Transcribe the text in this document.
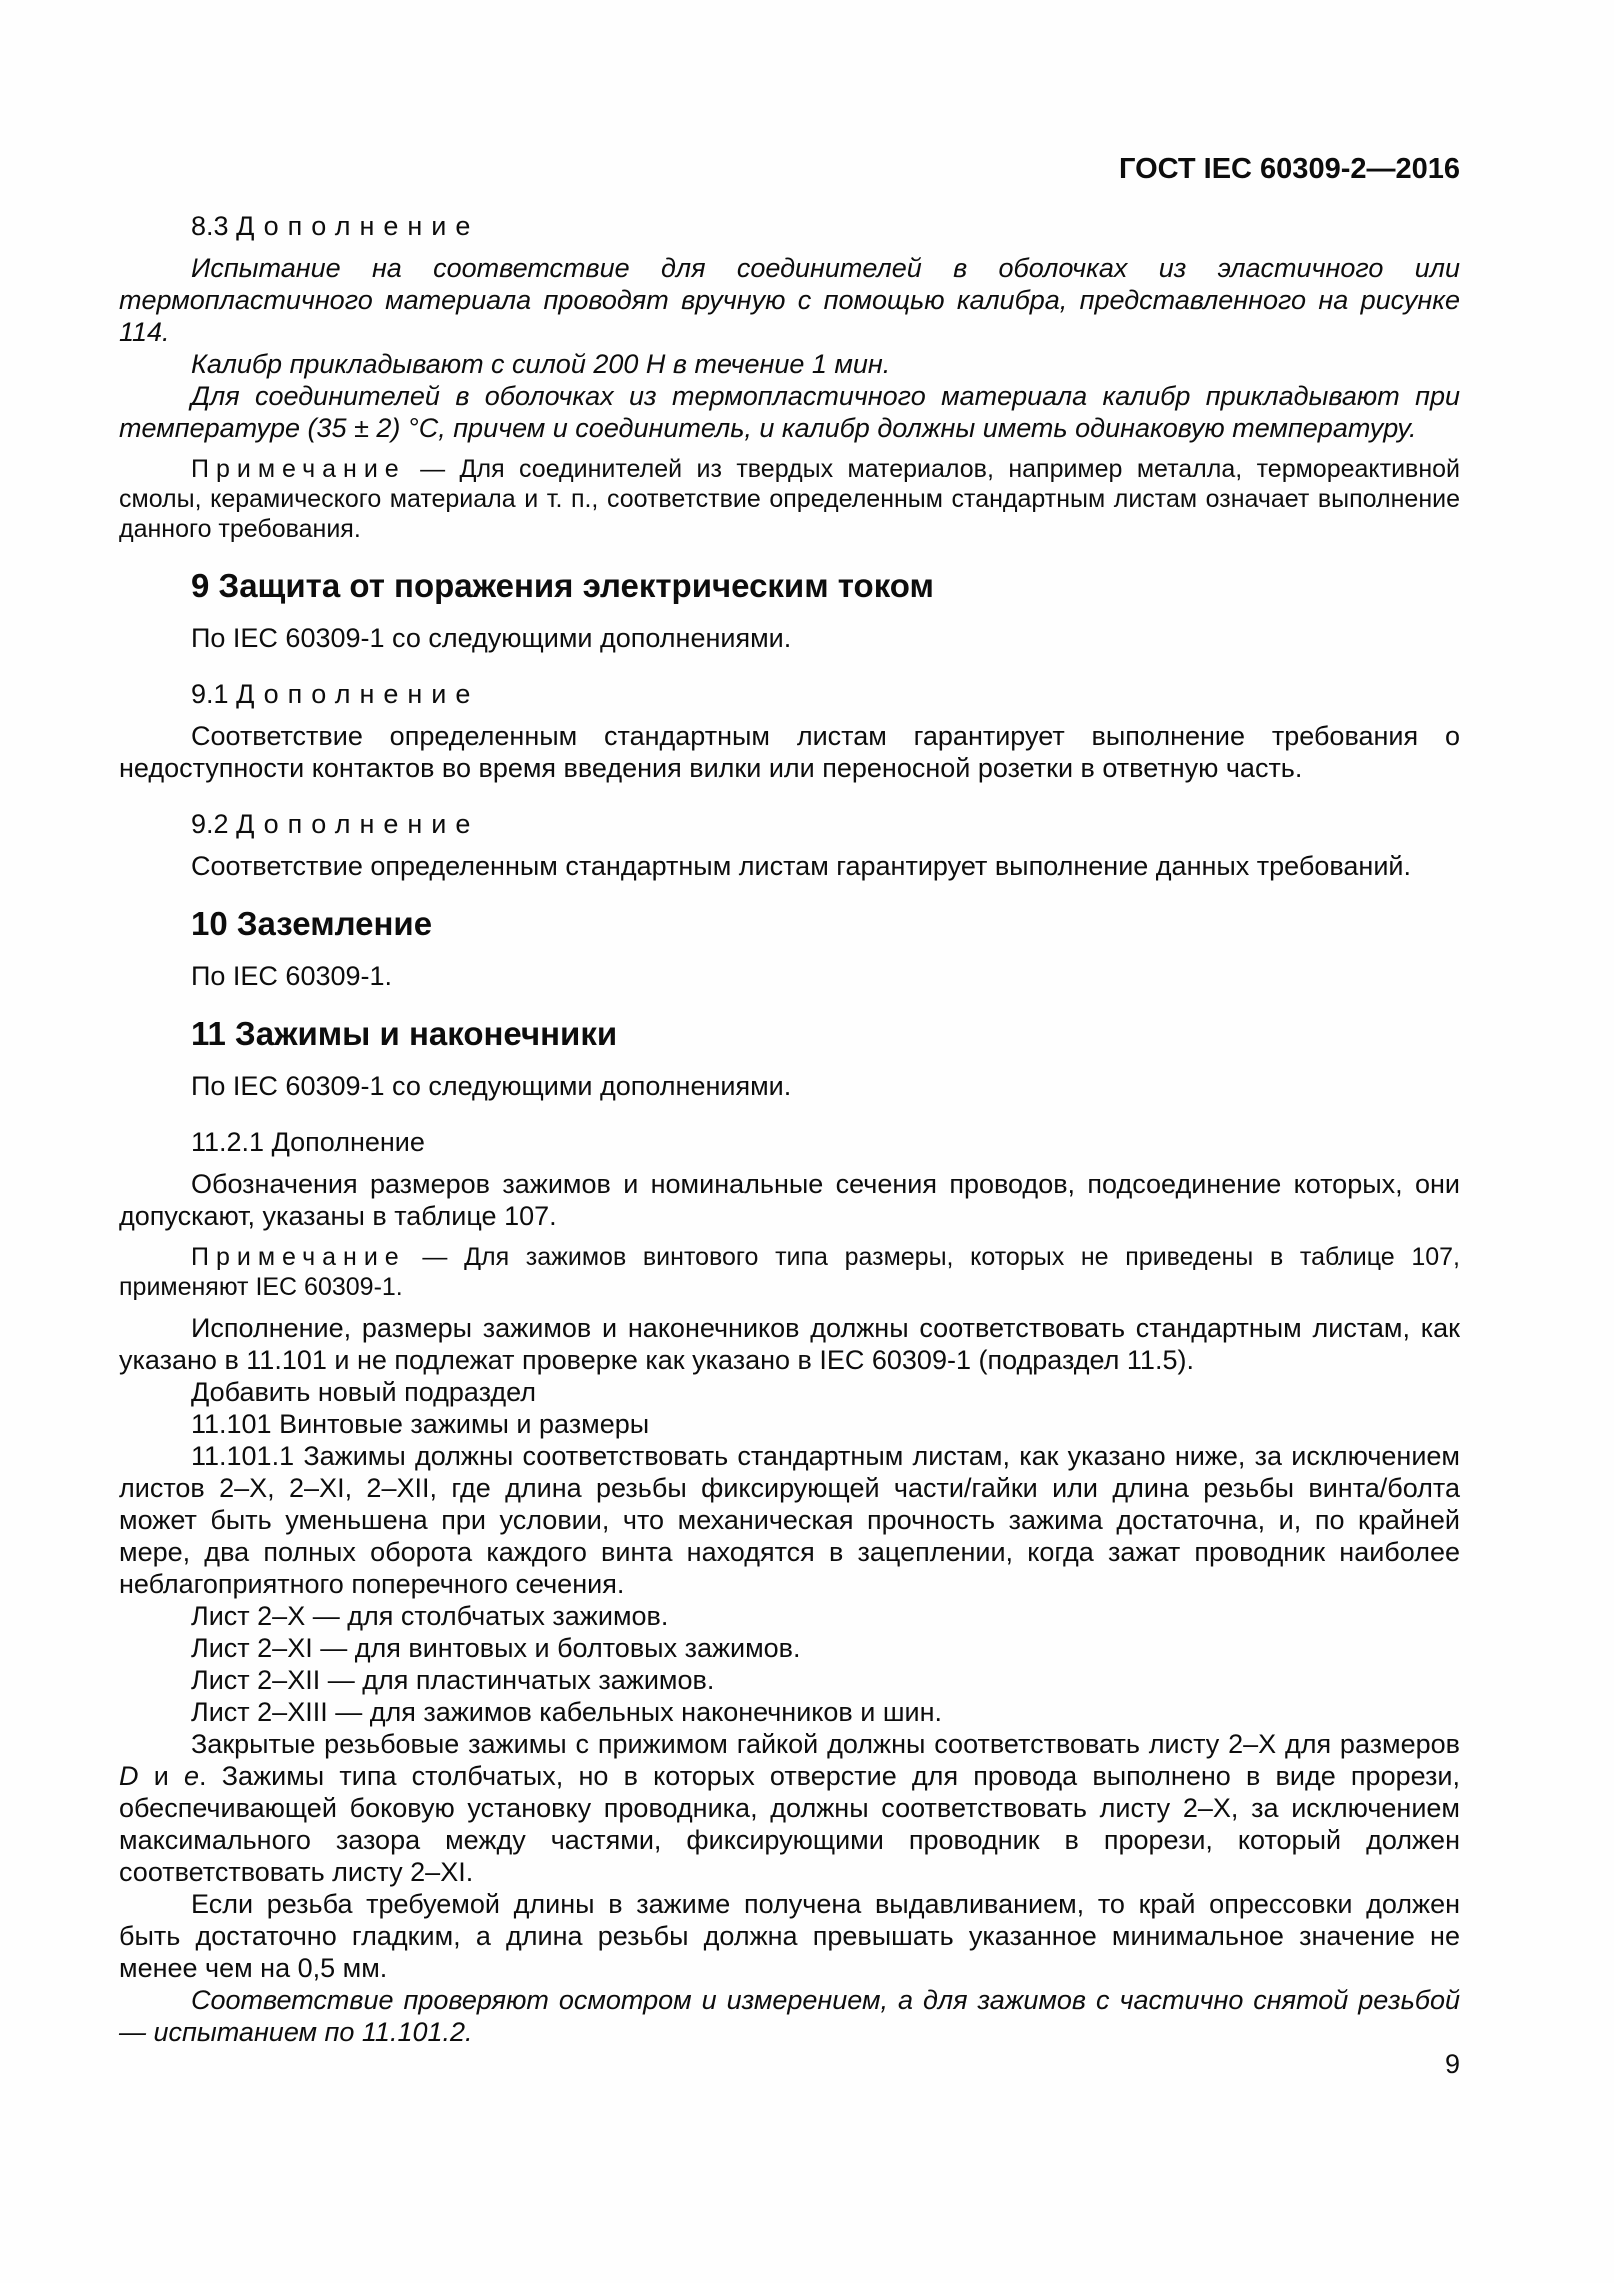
ГОСТ IEC 60309-2—2016

8.3 Дополнение

Испытание на соответствие для соединителей в оболочках из эластичного или термопластичного материала проводят вручную с помощью калибра, представленного на рисунке 114.

Калибр прикладывают с силой 200 Н в течение 1 мин.

Для соединителей в оболочках из термопластичного материала калибр прикладывают при температуре (35 ± 2) °C, причем и соединитель, и калибр должны иметь одинаковую температуру.

Примечание — Для соединителей из твердых материалов, например металла, термореактивной смолы, керамического материала и т. п., соответствие определенным стандартным листам означает выполнение данного требования.

9 Защита от поражения электрическим током

По IEC 60309-1 со следующими дополнениями.

9.1 Дополнение

Соответствие определенным стандартным листам гарантирует выполнение требования о недоступности контактов во время введения вилки или переносной розетки в ответную часть.

9.2 Дополнение

Соответствие определенным стандартным листам гарантирует выполнение данных требований.

10 Заземление

По IEC 60309-1.

11 Зажимы и наконечники

По IEC 60309-1 со следующими дополнениями.

11.2.1 Дополнение

Обозначения размеров зажимов и номинальные сечения проводов, подсоединение которых, они допускают, указаны в таблице 107.

Примечание — Для зажимов винтового типа размеры, которых не приведены в таблице 107, применяют IEC 60309-1.

Исполнение, размеры зажимов и наконечников должны соответствовать стандартным листам, как указано в 11.101 и не подлежат проверке как указано в IEC 60309-1 (подраздел 11.5).

Добавить новый подраздел

11.101 Винтовые зажимы и размеры

11.101.1 Зажимы должны соответствовать стандартным листам, как указано ниже, за исключением листов 2–X, 2–XI, 2–XII, где длина резьбы фиксирующей части/гайки или длина резьбы винта/болта может быть уменьшена при условии, что механическая прочность зажима достаточна, и, по крайней мере, два полных оборота каждого винта находятся в зацеплении, когда зажат проводник наиболее неблагоприятного поперечного сечения.

Лист 2–X — для столбчатых зажимов.

Лист 2–XI — для винтовых и болтовых зажимов.

Лист 2–XII — для пластинчатых зажимов.

Лист 2–XIII — для зажимов кабельных наконечников и шин.

Закрытые резьбовые зажимы с прижимом гайкой должны соответствовать листу 2–X для размеров D и e. Зажимы типа столбчатых, но в которых отверстие для провода выполнено в виде прорези, обеспечивающей боковую установку проводника, должны соответствовать листу 2–X, за исключением максимального зазора между частями, фиксирующими проводник в прорези, который должен соответствовать листу 2–XI.

Если резьба требуемой длины в зажиме получена выдавливанием, то край опрессовки должен быть достаточно гладким, а длина резьбы должна превышать указанное минимальное значение не менее чем на 0,5 мм.

Соответствие проверяют осмотром и измерением, а для зажимов с частично снятой резьбой — испытанием по 11.101.2.

9
